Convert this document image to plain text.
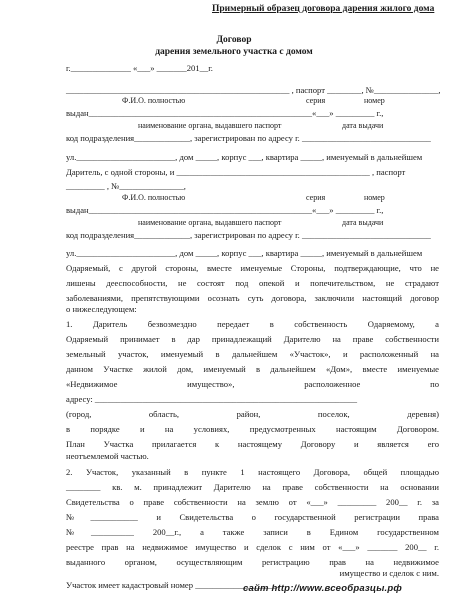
Примерный образец договора дарения жилого дома
Договор
дарения земельного участка с домом
г.______________ «___» _______201__г.
____________________________________________________ , паспорт ________, №_______________,
Ф.И.О. полностью	серия	номер
выдан____________________________________________________«___» _________ г.,
наименование органа, выдавшего паспорт	дата выдачи
код подразделения_____________, зарегистрирован по адресу г. ______________________________
ул._______________________, дом _____, корпус ___, квартира _____, именуемый в дальнейшем
Даритель, с одной стороны, и _____________________________________________ , паспорт
_________ , №_______________,
Ф.И.О. полностью	серия	номер
выдан____________________________________________________«___» _________ г.,
наименование органа, выдавшего паспорт	дата выдачи
код подразделения_____________, зарегистрирован по адресу г. ______________________________
ул._______________________, дом _____, корпус ___, квартира _____, именуемый в дальнейшем
Одаряемый, с другой стороны, вместе именуемые Стороны, подтверждающие, что не
лишены дееспособности, не состоят под опекой и попечительством, не страдают
заболеваниями, препятствующими осознать суть договора, заключили настоящий договор
о нижеследующем:
1. Даритель безвозмездно передает в собственность Одаряемому, а
Одаряемый принимает в дар принадлежащий Дарителю на праве собственности
земельный участок, именуемый в дальнейшем «Участок», и расположенный на
данном Участке жилой дом, именуемый в дальнейшем «Дом», вместе именуемые
«Недвижимое имущество», расположенное по
адресу: _____________________________________________________________
(город, область, район, поселок, деревня)
в порядке и на условиях, предусмотренных настоящим Договором.
План Участка прилагается к настоящему Договору и является его
неотъемлемой частью.
2. Участок, указанный в пункте 1 настоящего Договора, общей площадью
________ кв. м. принадлежит Дарителю на праве собственности на основании
Свидетельства о праве собственности на землю от «___» _________ 200__ г. за
№___________ и Свидетельства о государственной регистрации права
№__________ 200__г., а также записи в Едином государственном
реестре прав на недвижимое имущество и сделок с ним от «___» _______ 200__ г.
выданного органом, осуществляющим регистрацию прав на недвижимое
имущество и сделок с ним.
Участок имеет кадастровый номер ___________________.
сайт http://www.всеобразцы.рф
